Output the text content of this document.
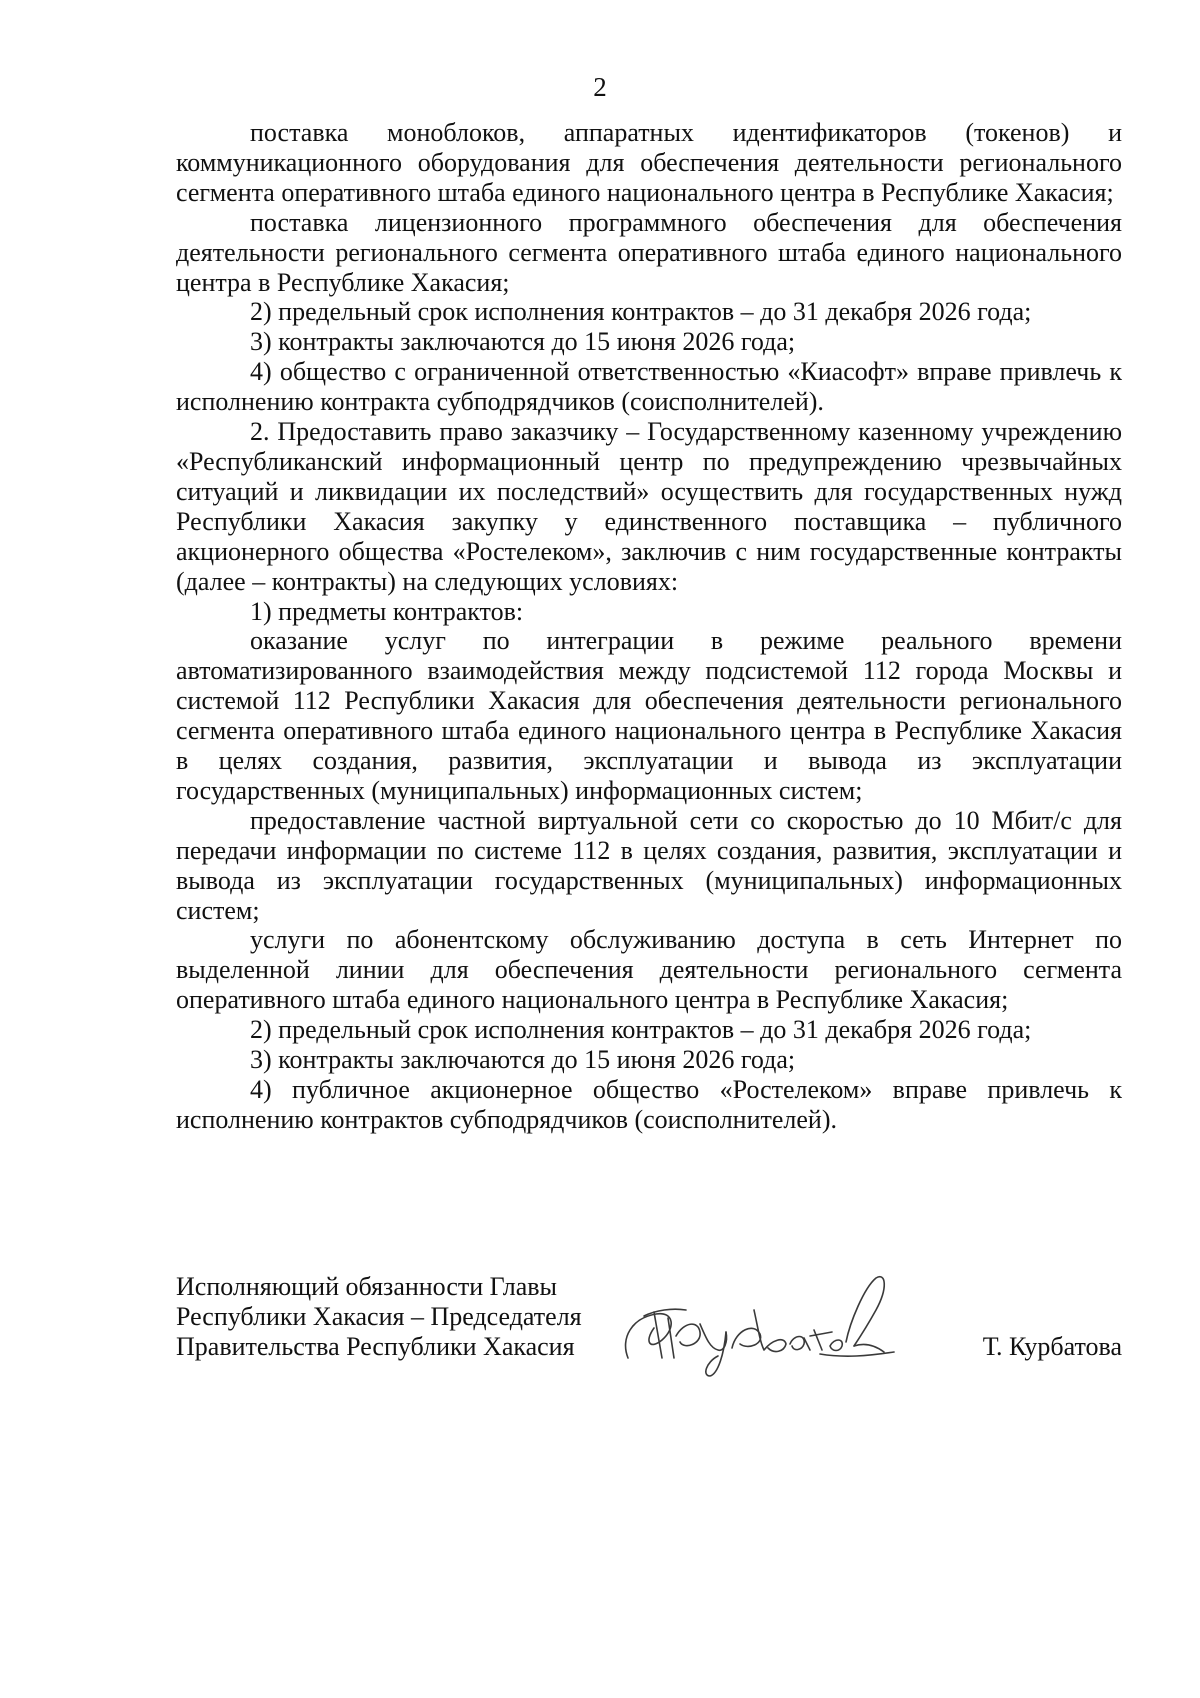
2

поставка моноблоков, аппаратных идентификаторов (токенов) и коммуникационного оборудования для обеспечения деятельности регионального сегмента оперативного штаба единого национального центра в Республике Хакасия;

поставка лицензионного программного обеспечения для обеспечения деятельности регионального сегмента оперативного штаба единого национального центра в Республике Хакасия;

2) предельный срок исполнения контрактов – до 31 декабря 2026 года;

3) контракты заключаются до 15 июня 2026 года;

4) общество с ограниченной ответственностью «Киасофт» вправе привлечь к исполнению контракта субподрядчиков (соисполнителей).

2. Предоставить право заказчику – Государственному казенному учреждению «Республиканский информационный центр по предупреждению чрезвычайных ситуаций и ликвидации их последствий» осуществить для государственных нужд Республики Хакасия закупку у единственного поставщика – публичного акционерного общества «Ростелеком», заключив с ним государственные контракты (далее – контракты) на следующих условиях:

1) предметы контрактов:

оказание услуг по интеграции в режиме реального времени автоматизированного взаимодействия между подсистемой 112 города Москвы и системой 112 Республики Хакасия для обеспечения деятельности регионального сегмента оперативного штаба единого национального центра в Республике Хакасия в целях создания, развития, эксплуатации и вывода из эксплуатации государственных (муниципальных) информационных систем;

предоставление частной виртуальной сети со скоростью до 10 Мбит/с для передачи информации по системе 112 в целях создания, развития, эксплуатации и вывода из эксплуатации государственных (муниципальных) информационных систем;

услуги по абонентскому обслуживанию доступа в сеть Интернет по выделенной линии для обеспечения деятельности регионального сегмента оперативного штаба единого национального центра в Республике Хакасия;

2) предельный срок исполнения контрактов – до 31 декабря 2026 года;

3) контракты заключаются до 15 июня 2026 года;

4) публичное акционерное общество «Ростелеком» вправе привлечь к исполнению контрактов субподрядчиков (соисполнителей).

Исполняющий обязанности Главы
Республики Хакасия – Председателя
Правительства Республики Хакасия	Т. Курбатова
